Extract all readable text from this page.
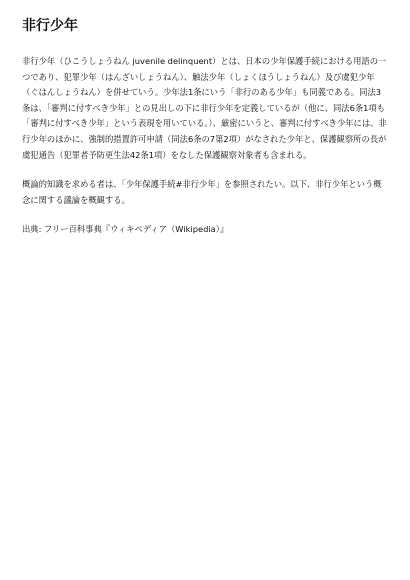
非行少年

非行少年（ひこうしょうねん juvenile delinquent）とは、日本の少年保護手続における用語の一つであり、犯罪少年（はんざいしょうねん）、触法少年（しょくほうしょうねん）及び虞犯少年（ぐはんしょうねん）を併せていう。少年法1条にいう「非行のある少年」も同義である。同法3条は、「審判に付すべき少年」との見出しの下に非行少年を定義しているが（他に、同法6条1項も「審判に付すべき少年」という表現を用いている。）、厳密にいうと、審判に付すべき少年には、非行少年のほかに、強制的措置許可申請（同法6条の7第2項）がなされた少年と、保護観察所の長が虞犯通告（犯罪者予防更生法42条1項）をなした保護観察対象者も含まれる。

概論的知識を求める者は、「少年保護手続#非行少年」を参照されたい。以下、非行少年という概念に関する議論を概観する。

出典: フリー百科事典『ウィキペディア（Wikipedia）』
